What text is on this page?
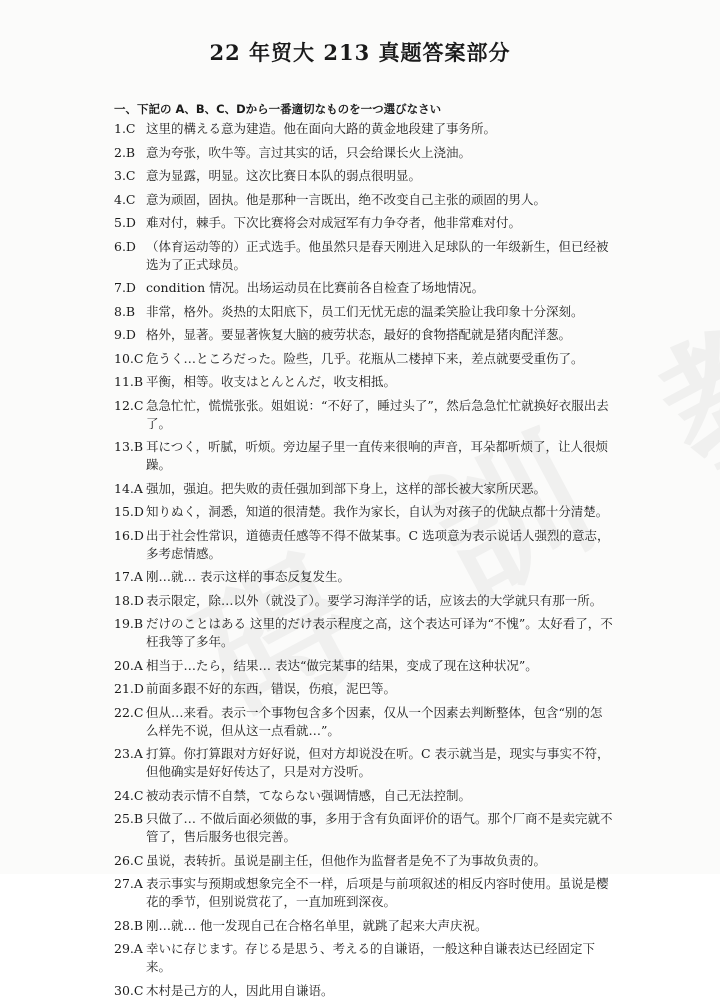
22 年贸大 213 真题答案部分
一、下記の A、B、C、Dから一番適切なものを一つ選びなさい
1.C 这里的構える意为建造。他在面向大路的黄金地段建了事务所。
2.B 意为夸张，吹牛等。言过其实的话，只会给课长火上浇油。
3.C 意为显露，明显。这次比赛日本队的弱点很明显。
4.C 意为顽固，固执。他是那种一言既出，绝不改变自己主张的顽固的男人。
5.D 难对付，棘手。下次比赛将会对成冠军有力争夺者，他非常难对付。
6.D （体育运动等的）正式选手。他虽然只是春天刚进入足球队的一年级新生，但已经被选为了正式球员。
7.D condition 情况。出场运动员在比赛前各自检查了场地情况。
8.B 非常，格外。炎热的太阳底下，员工们无忧无虑的温柔笑脸让我印象十分深刻。
9.D 格外，显著。要显著恢复大脑的疲劳状态，最好的食物搭配就是猪肉配洋葱。
10.C 危うく…ところだった。险些，几乎。花瓶从二楼掉下来，差点就要受重伤了。
11.B 平衡，相等。收支はとんとんだ，收支相抵。
12.C 急急忙忙，慌慌张张。姐姐说：“不好了，睡过头了”，然后急急忙忙就换好衣服出去了。
13.B 耳につく，听腻，听烦。旁边屋子里一直传来很响的声音，耳朵都听烦了，让人很烦躁。
14.A 强加，强迫。把失败的责任强加到部下身上，这样的部长被大家所厌恶。
15.D 知りぬく，洞悉，知道的很清楚。我作为家长，自认为对孩子的优缺点都十分清楚。
16.D 出于社会性常识，道德责任感等不得不做某事。C 选项意为表示说话人强烈的意志，多考虑情感。
17.A 刚…就… 表示这样的事态反复发生。
18.D 表示限定，除…以外（就没了）。要学习海洋学的话，应该去的大学就只有那一所。
19.B だけのことはある 这里的だけ表示程度之高，这个表达可译为“不愧”。太好看了，不枉我等了多年。
20.A 相当于…たら，结果… 表达“做完某事的结果，变成了现在这种状况”。
21.D 前面多跟不好的东西，错误，伤痕，泥巴等。
22.C 但从…来看。表示一个事物包含多个因素，仅从一个因素去判断整体，包含“别的怎么样先不说，但从这一点看就…”。
23.A 打算。你打算跟对方好好说，但对方却说没在听。C 表示就当是，现实与事实不符，但他确实是好好传达了，只是对方没听。
24.C 被动表示情不自禁，てならない强调情感，自己无法控制。
25.B 只做了… 不做后面必须做的事，多用于含有负面评价的语气。那个厂商不是卖完就不管了，售后服务也很完善。
26.C 虽说，表转折。虽说是副主任，但他作为监督者是免不了为事故负责的。
27.A 表示事实与预期或想象完全不一样，后项是与前项叙述的相反内容时使用。虽说是樱花的季节，但别说赏花了，一直加班到深夜。
28.B 刚…就… 他一发现自己在合格名单里，就跳了起来大声庆祝。
29.A 幸いに存じます。存じる是思う、考える的自谦语，一般这种自谦表达已经固定下来。
30.C 木村是己方的人，因此用自谦语。
